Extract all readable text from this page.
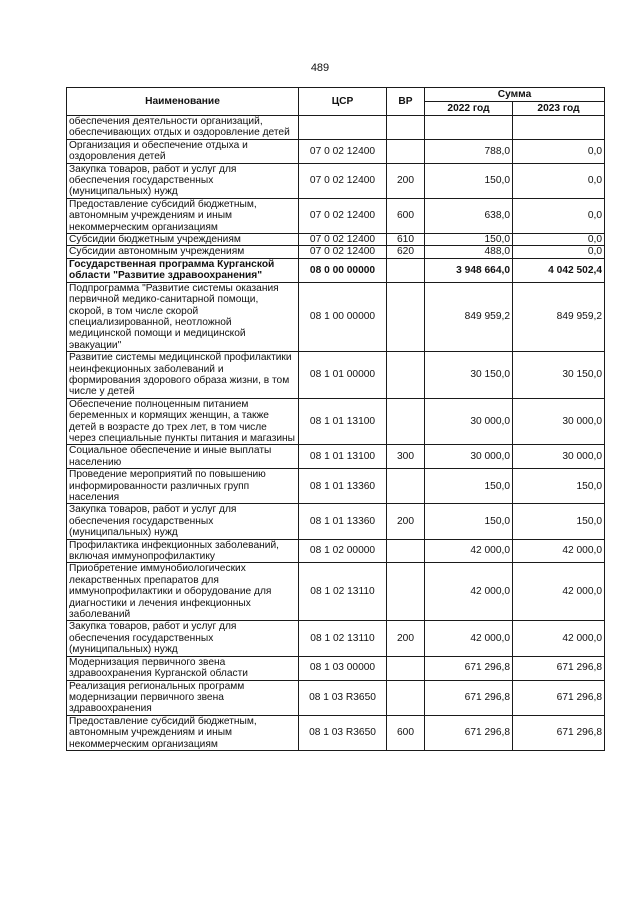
489
Наименование	ЦСР	ВР	Сумма	
			2022 год	2023 год
обеспечения деятельности организаций, обеспечивающих отдых и оздоровление детей				
Организация и обеспечение отдыха и оздоровления детей	07 0 02 12400		788,0	0,0
Закупка товаров, работ и услуг для обеспечения государственных (муниципальных) нужд	07 0 02 12400	200	150,0	0,0
Предоставление субсидий бюджетным, автономным учреждениям и иным некоммерческим организациям	07 0 02 12400	600	638,0	0,0
Субсидии бюджетным учреждениям	07 0 02 12400	610	150,0	0,0
Субсидии автономным учреждениям	07 0 02 12400	620	488,0	0,0
Государственная программа Курганской области "Развитие здравоохранения"	08 0 00 00000		3 948 664,0	4 042 502,4
Подпрограмма "Развитие системы оказания первичной медико-санитарной помощи, скорой, в том числе скорой специализированной, неотложной медицинской помощи и медицинской эвакуации"	08 1 00 00000		849 959,2	849 959,2
Развитие системы медицинской профилактики неинфекционных заболеваний и формирования здорового образа жизни, в том числе у детей	08 1 01 00000		30 150,0	30 150,0
Обеспечение полноценным питанием беременных и кормящих женщин, а также детей в возрасте до трех лет, в том числе через специальные пункты питания и магазины	08 1 01 13100		30 000,0	30 000,0
Социальное обеспечение и иные выплаты населению	08 1 01 13100	300	30 000,0	30 000,0
Проведение мероприятий по повышению информированности различных групп населения	08 1 01 13360		150,0	150,0
Закупка товаров, работ и услуг для обеспечения государственных (муниципальных) нужд	08 1 01 13360	200	150,0	150,0
Профилактика инфекционных заболеваний, включая иммунопрофилактику	08 1 02 00000		42 000,0	42 000,0
Приобретение иммунобиологических лекарственных препаратов для иммунопрофилактики и оборудование для диагностики и лечения инфекционных заболеваний	08 1 02 13110		42 000,0	42 000,0
Закупка товаров, работ и услуг для обеспечения государственных (муниципальных) нужд	08 1 02 13110	200	42 000,0	42 000,0
Модернизация первичного звена здравоохранения Курганской области	08 1 03 00000		671 296,8	671 296,8
Реализация региональных программ модернизации первичного звена здравоохранения	08 1 03 R3650		671 296,8	671 296,8
Предоставление субсидий бюджетным, автономным учреждениям и иным некоммерческим организациям	08 1 03 R3650	600	671 296,8	671 296,8
